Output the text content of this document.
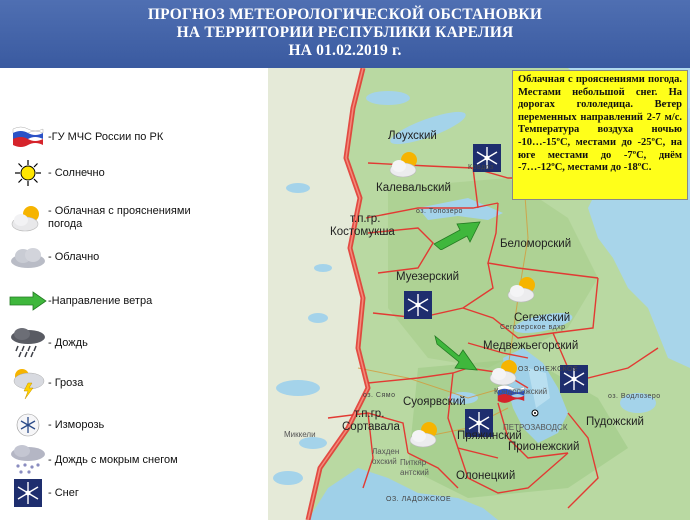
ПРОГНОЗ МЕТЕОРОЛОГИЧЕСКОЙ ОБСТАНОВКИ
НА ТЕРРИТОРИИ РЕСПУБЛИКИ КАРЕЛИЯ
НА 01.02.2019 г.
-ГУ МЧС России по РК
- Солнечно
- Облачная с прояснениями погода
- Облачно
-Направление ветра
- Дождь
- Гроза
- Изморозь
- Дождь с мокрым снегом
- Снег
Лоухский
Калевальский
т.п.гр.
Костомукша
Беломорский
Муезерский
Сегежский
Сегозерское вдхр
Медвежьегорский
Кондопожский
Суоярвский
т.п.гр.
Сортавала
Пряжинский
Прионежский
Пудожский
Олонецкий
Лахден
охский Питкяр
антский
ПЕТРОЗАВОДСК
Миккели
ОЗ. ЛАДОЖСКОЕ
ОЗ. ОНЕЖСКОЕ
оз. Водлозеро
оз. Сямо
Ковдоз
оз. Топозеро
Облачная с прояснениями погода. Местами небольшой снег. На дорогах гололедица. Ветер переменных направлений 2-7 м/с. Температура воздуха ночью -10…-15ºС, местами до -25ºС, на юге местами до -7ºС, днём -7…-12ºС, местами до -18ºС.
